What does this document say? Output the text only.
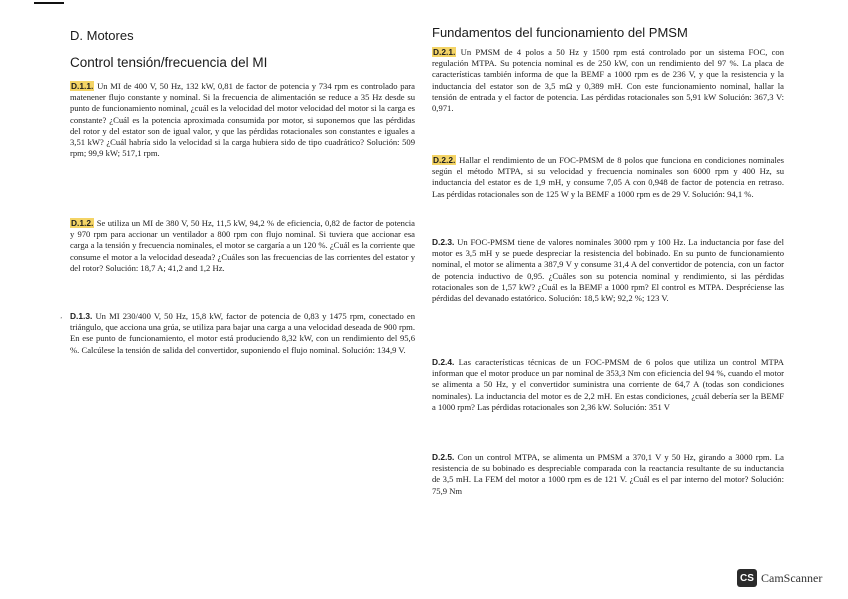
D. Motores
Control tensión/frecuencia del MI

D.1.1. Un MI de 400 V, 50 Hz, 132 kW, 0,81 de factor de potencia y 734 rpm es controlado para matenener flujo constante y nominal. Si la frecuencia de alimentación se reduce a 35 Hz desde su punto de funcionamiento nominal, ¿cuál es la velocidad del motor velocidad del motor si la carga es constante? ¿Cuál es la potencia aproximada consumida por motor, si suponemos que las pérdidas del rotor y del estator son de igual valor, y que las pérdidas rotacionales son constantes e iguales a 3,51 kW? ¿Cuál habría sido la velocidad si la carga hubiera sido de tipo cuadrático? Solución: 509 rpm; 99,9 kW; 517,1 rpm.

D.1.2. Se utiliza un MI de 380 V, 50 Hz, 11,5 kW, 94,2 % de eficiencia, 0,82 de factor de potencia y 970 rpm para accionar un ventilador a 800 rpm con flujo nominal. Si tuviera que accionar esa carga a la tensión y frecuencia nominales, el motor se cargaría a un 120 %. ¿Cuál es la corriente que consume el motor a la velocidad deseada? ¿Cuáles son las frecuencias de las corrientes del estator y del rotor? Solución: 18,7 A; 41,2 and 1,2 Hz.

D.1.3. Un MI 230/400 V, 50 Hz, 15,8 kW, factor de potencia de 0,83 y 1475 rpm, conectado en triángulo, que acciona una grúa, se utiliza para bajar una carga a una velocidad deseada de 900 rpm. En ese punto de funcionamiento, el motor está produciendo 8,32 kW, con un rendimiento del 95,6 %. Calcúlese la tensión de salida del convertidor, suponiendo el flujo nominal. Solución: 134,9 V.

’
Fundamentos del funcionamiento del PMSM

D.2.1. Un PMSM de 4 polos a 50 Hz y 1500 rpm está controlado por un sistema FOC, con regulación MTPA. Su potencia nominal es de 250 kW, con un rendimiento del 97 %. La placa de características también informa de que la BEMF a 1000 rpm es de 236 V, y que la resistencia y la inductancia del estator son de 3,5 mΩ y 0,389 mH. Con este funcionamiento nominal, hallar la tensión de entrada y el factor de potencia. Las pérdidas rotacionales son 5,91 kW Solución: 367,3 V: 0,971.

D.2.2. Hallar el rendimiento de un FOC-PMSM de 8 polos que funciona en condiciones nominales según el método MTPA, si su velocidad y frecuencia nominales son 6000 rpm y 400 Hz, su inductancia del estator es de 1,9 mH, y consume 7,05 A con 0,948 de factor de potencia en retraso. Las pérdidas rotacionales son de 125 W y la BEMF a 1000 rpm es de 29 V. Solución: 94,1 %.

D.2.3. Un FOC-PMSM tiene de valores nominales 3000 rpm y 100 Hz. La inductancia por fase del motor es 3,5 mH y se puede despreciar la resistencia del bobinado. En su punto de funcionamiento nominal, el motor se alimenta a 387,9 V y consume 31,4 A del convertidor de potencia, con un factor de potencia inductivo de 0,95. ¿Cuáles son su potencia nominal y rendimiento, si las pérdidas rotacionales son de 1,57 kW? ¿Cuál es la BEMF a 1000 rpm? El control es MTPA. Despréciense las pérdidas del devanado estatórico. Solución: 18,5 kW; 92,2 %; 123 V.

D.2.4. Las características técnicas de un FOC-PMSM de 6 polos que utiliza un control MTPA informan que el motor produce un par nominal de 353,3 Nm con eficiencia del 94 %, cuando el motor se alimenta a 50 Hz, y el convertidor suministra una corriente de 64,7 A (todas son condiciones nominales). La inductancia del motor es de 2,2 mH. En estas condiciones, ¿cuál debería ser la BEMF a 1000 rpm? Las pérdidas rotacionales son 2,36 kW. Solución: 351 V

D.2.5. Con un control MTPA, se alimenta un PMSM a 370,1 V y 50 Hz, girando a 3000 rpm. La resistencia de su bobinado es despreciable comparada con la reactancia resultante de su inductancia de 3,5 mH. La FEM del motor a 1000 rpm es de 121 V. ¿Cuál es el par interno del motor? Solución: 75,9 Nm

CS CamScanner
